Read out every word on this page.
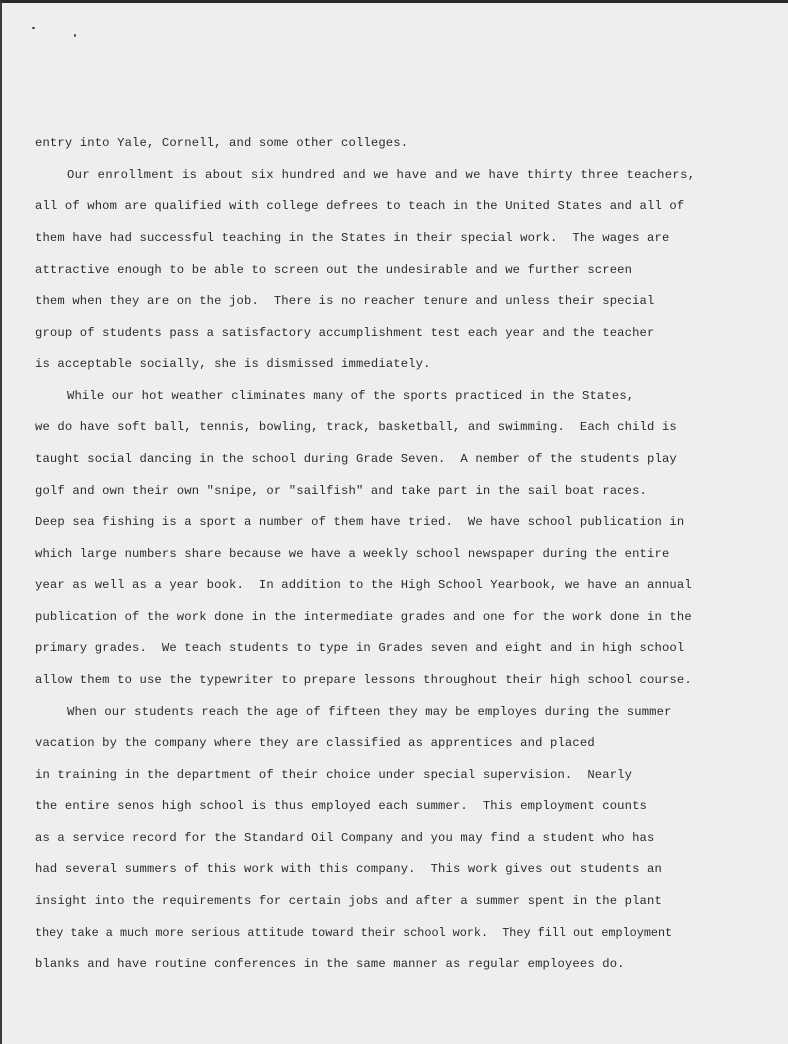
entry into Yale, Cornell, and some other colleges.
Our enrollment is about six hundred and we have and we have thirty three teachers,
all of whom are qualified with college defrees to teach in the United States and all of
them have had successful teaching in the States in their special work.  The wages are
attractive enough to be able to screen out the undesirable and we further screen
them when they are on the job.  There is no reacher tenure and unless their special
group of students pass a satisfactory accumplishment test each year and the teacher
is acceptable socially, she is dismissed immediately.
While our hot weather climinates many of the sports practiced in the States,
we do have soft ball, tennis, bowling, track, basketball, and swimming.  Each child is
taught social dancing in the school during Grade Seven.  A nember of the students play
golf and own their own "snipe, or "sailfish" and take part in the sail boat races.
Deep sea fishing is a sport a number of them have tried.  We have school publication in
which large numbers share because we have a weekly school newspaper during the entire
year as well as a year book.  In addition to the High School Yearbook, we have an annual
publication of the work done in the intermediate grades and one for the work done in the
primary grades.  We teach students to type in Grades seven and eight and in high school
allow them to use the typewriter to prepare lessons throughout their high school course.
When our students reach the age of fifteen they may be employes during the summer
vacation by the company where they are classified as apprentices and placed
in training in the department of their choice under special supervision.  Nearly
the entire senos high school is thus employed each summer.  This employment counts
as a service record for the Standard Oil Company and you may find a student who has
had several summers of this work with this company.  This work gives out students an
insight into the requirements for certain jobs and after a summer spent in the plant
they take a much more serious attitude toward their school work.  They fill out employment
blanks and have routine conferences in the same manner as regular employees do.
